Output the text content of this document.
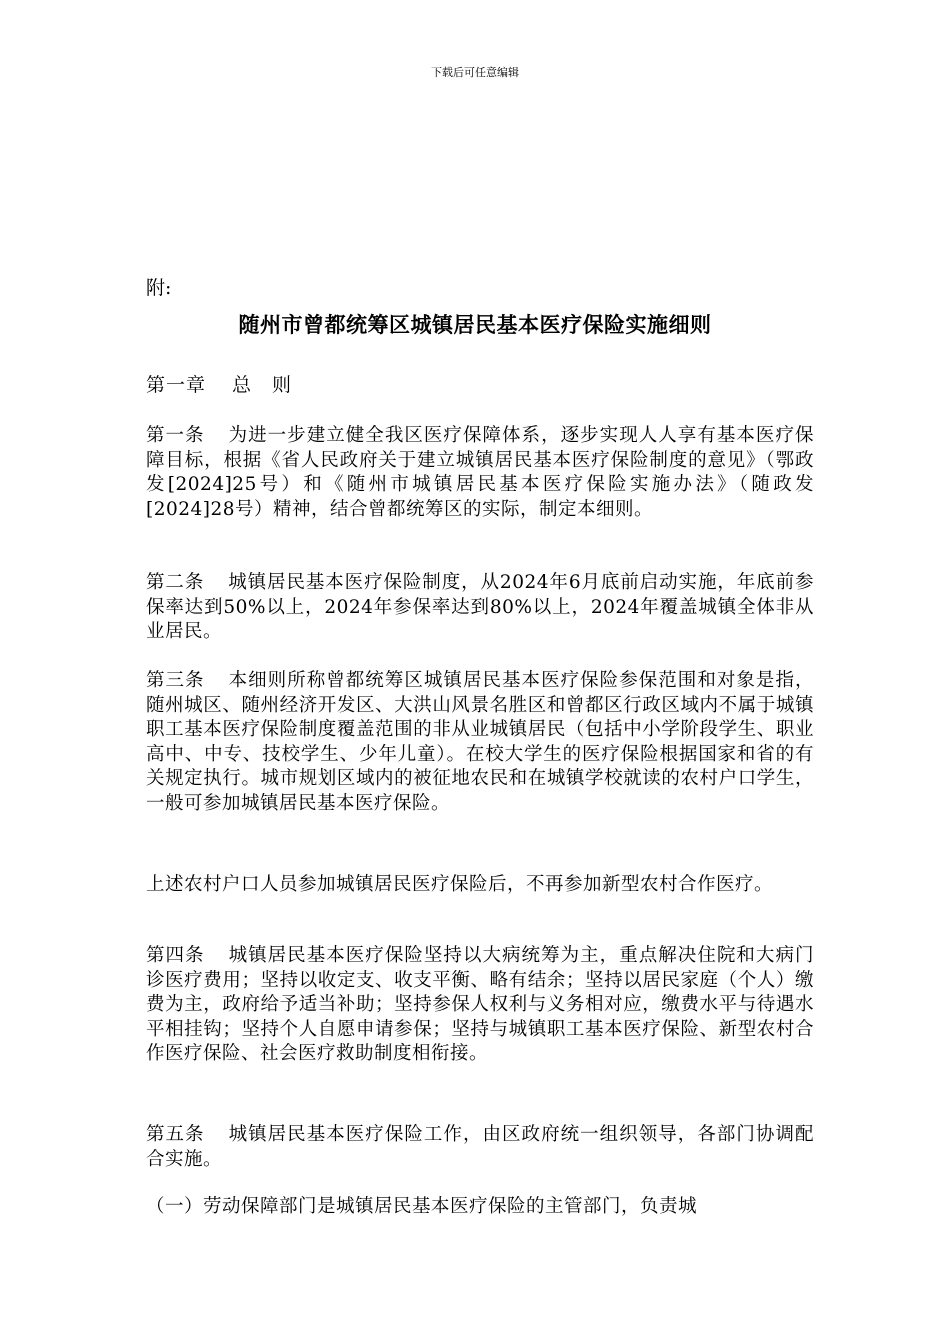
下载后可任意编辑
附:
随州市曾都统筹区城镇居民基本医疗保险实施细则
第一章 总　则
第一条 为进一步建立健全我区医疗保障体系，逐步实现人人享有基本医疗保障目标，根据《省人民政府关于建立城镇居民基本医疗保险制度的意见》（鄂政发[2024]25号）和《随州市城镇居民基本医疗保险实施办法》（随政发[2024]28号）精神，结合曾都统筹区的实际，制定本细则。
第二条 城镇居民基本医疗保险制度，从2024年6月底前启动实施，年底前参保率达到50%以上，2024年参保率达到80%以上，2024年覆盖城镇全体非从业居民。
第三条 本细则所称曾都统筹区城镇居民基本医疗保险参保范围和对象是指，随州城区、随州经济开发区、大洪山风景名胜区和曾都区行政区域内不属于城镇职工基本医疗保险制度覆盖范围的非从业城镇居民（包括中小学阶段学生、职业高中、中专、技校学生、少年儿童）。在校大学生的医疗保险根据国家和省的有关规定执行。城市规划区域内的被征地农民和在城镇学校就读的农村户口学生，一般可参加城镇居民基本医疗保险。
上述农村户口人员参加城镇居民医疗保险后，不再参加新型农村合作医疗。
第四条 城镇居民基本医疗保险坚持以大病统筹为主，重点解决住院和大病门诊医疗费用；坚持以收定支、收支平衡、略有结余；坚持以居民家庭（个人）缴费为主，政府给予适当补助；坚持参保人权利与义务相对应，缴费水平与待遇水平相挂钩；坚持个人自愿申请参保；坚持与城镇职工基本医疗保险、新型农村合作医疗保险、社会医疗救助制度相衔接。
第五条 城镇居民基本医疗保险工作，由区政府统一组织领导，各部门协调配合实施。
（一）劳动保障部门是城镇居民基本医疗保险的主管部门，负责城
